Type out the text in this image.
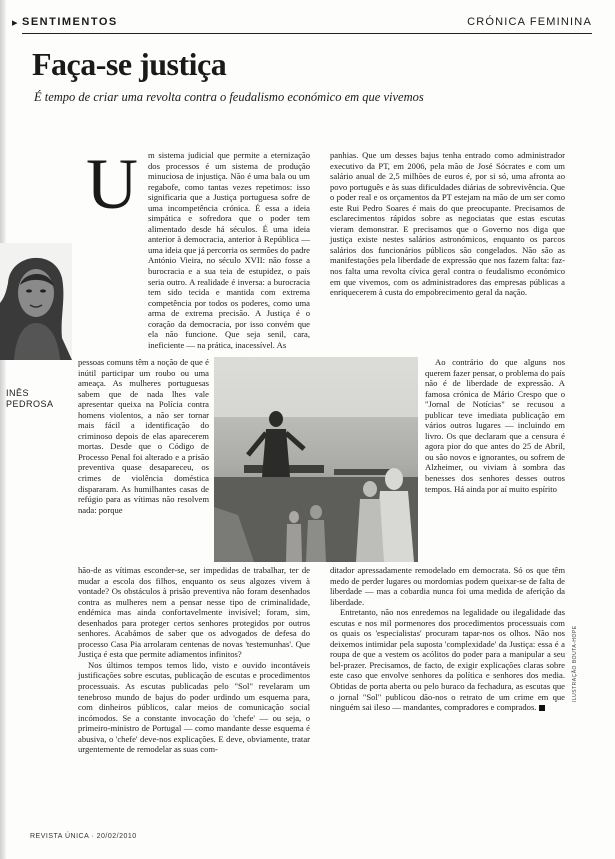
▸ SENTIMENTOS	CRÓNICA FEMININA
Faça-se justiça
É tempo de criar uma revolta contra o feudalismo económico em que vivemos
INÊS PEDROSA
U m sistema judicial que permite a eternização dos processos é um sistema de produção minuciosa de injustiça. Não é uma bala ou um regabofe, como tantas vezes repetimos: isso significaria que a Justiça portuguesa sofre de uma incompetência crónica. É essa a ideia simpática e sofredora que o poder tem alimentado desde há séculos. É uma ideia anterior à democracia, anterior à República — uma ideia que já percorria os sermões do padre António Vieira, no século XVII: não fosse a burocracia e a sua teia de estupidez, o país seria outro. A realidade é inversa: a burocracia tem sido tecida e mantida com extrema competência por todos os poderes, como uma arma de extrema precisão. A Justiça é o coração da democracia, por isso convém que ela não funcione. Que seja senil, cara, ineficiente — na prática, inacessível. As

pessoas comuns têm a noção de que é inútil participar um roubo ou uma ameaça. As mulheres portuguesas sabem que de nada lhes vale apresentar queixa na Polícia contra homens violentos, a não ser tornar mais fácil a identificação do criminoso depois de elas aparecerem mortas. Desde que o Código de Processo Penal foi alterado e a prisão preventiva quase desapareceu, os crimes de violência doméstica dispararam. As humilhantes casas de refúgio para as vítimas não resolvem nada: porque

hão-de as vítimas esconder-se, ser impedidas de trabalhar, ter de mudar a escola dos filhos, enquanto os seus algozes vivem à vontade? Os obstáculos à prisão preventiva não foram desenhados contra as mulheres nem a pensar nesse tipo de criminalidade, endémica mas ainda confortavelmente invisível; foram, sim, desenhados para proteger certos senhores protegidos por outros senhores. Acabámos de saber que os advogados de defesa do processo Casa Pia arrolaram centenas de novas 'testemunhas'. Que Justiça é esta que permite adiamentos infinitos?

Nos últimos tempos temos lido, visto e ouvido incontáveis justificações sobre escutas, publicação de escutas e procedimentos processuais. As escutas publicadas pelo "Sol" revelaram um tenebroso mundo de bajus do poder urdindo um esquema para, com dinheiros públicos, calar meios de comunicação social incómodos. Se a constante invocação do 'chefe' — ou seja, o primeiro-ministro de Portugal — como mandante desse esquema é abusiva, o 'chefe' deve-nos explicações. E deve, obviamente, tratar urgentemente de remodelar as suas com-

panhias. Que um desses bajus tenha entrado como administrador executivo da PT, em 2006, pela mão de José Sócrates e com um salário anual de 2,5 milhões de euros é, por si só, uma afronta ao povo português e às suas dificuldades diárias de sobrevivência. Que o poder real e os orçamentos da PT estejam na mão de um ser como este Rui Pedro Soares é mais do que preocupante. Precisamos de esclarecimentos rápidos sobre as negociatas que estas escutas vieram demonstrar. E precisamos que o Governo nos diga que justiça existe nestes salários astronómicos, enquanto os parcos salários dos funcionários públicos são congelados. Não são as manifestações pela liberdade de expressão que nos fazem falta: faz-nos falta uma revolta cívica geral contra o feudalismo económico em que vivemos, com os administradores das empresas públicas a enriquecerem à custa do empobrecimento geral da nação.

Ao contrário do que alguns nos querem fazer pensar, o problema do país não é de liberdade de expressão. A famosa crónica de Mário Crespo que o "Jornal de Notícias" se recusou a publicar teve imediata publicação em vários outros lugares — incluindo em livro. Os que declaram que a censura é agora pior do que antes do 25 de Abril, ou são novos e ignorantes, ou sofrem de Alzheimer, ou viviam à sombra das benesses dos senhores desses outros tempos. Há ainda por aí muito espírito

ditador apressadamente remodelado em democrata. Só os que têm medo de perder lugares ou mordomias podem queixar-se de falta de liberdade — mas a cobardia nunca foi uma medida de aferição da liberdade.

Entretanto, não nos enredemos na legalidade ou ilegalidade das escutas e nos mil pormenores dos procedimentos processuais com os quais os 'especialistas' procuram tapar-nos os olhos. Não nos deixemos intimidar pela suposta 'complexidade' da Justiça: essa é a roupa de que a vestem os acólitos do poder para a manipular a seu bel-prazer. Precisamos, de facto, de exigir explicações claras sobre este caso que envolve senhores da política e senhores dos media. Obtidas de porta aberta ou pelo buraco da fechadura, as escutas que o jornal "Sol" publicou dão-nos o retrato de um crime em que ninguém sai ileso — mandantes, compradores e comprados.

ILUSTRAÇÃO BOUTA-HOPE
REVISTA ÚNICA · 20/02/2010
